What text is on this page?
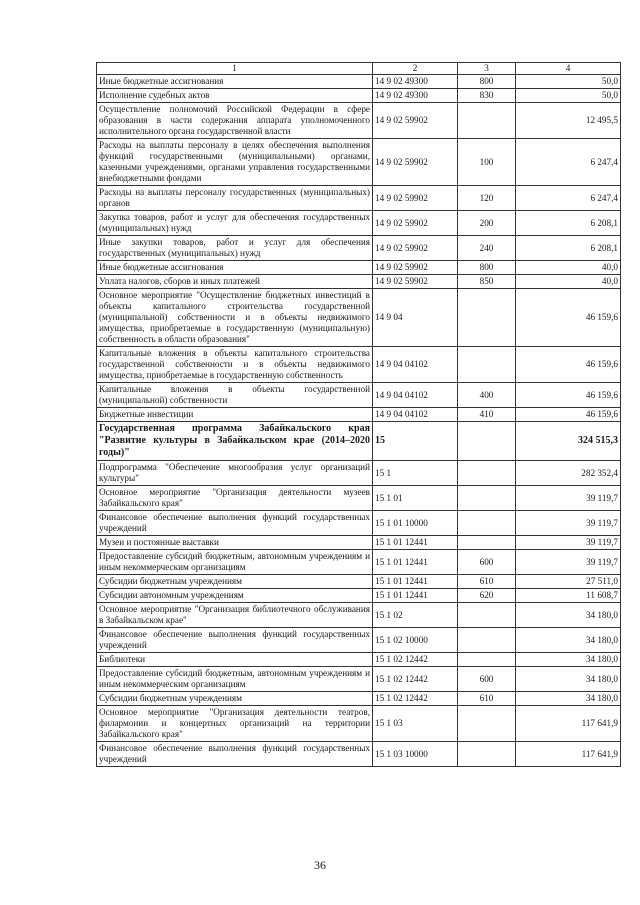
1	2	3	4
Иные бюджетные ассигнования	14 9 02 49300	800	50,0
Исполнение судебных актов	14 9 02 49300	830	50,0
Осуществление полномочий Российской Федерации в сфере образования в части содержания аппарата уполномоченного исполнительного органа государственной власти	14 9 02 59902		12 495,5
Расходы на выплаты персоналу в целях обеспечения выполнения функций государственными (муниципальными) органами, казенными учреждениями, органами управления государственными внебюджетными фондами	14 9 02 59902	100	6 247,4
Расходы на выплаты персоналу государственных (муниципальных) органов	14 9 02 59902	120	6 247,4
Закупка товаров, работ и услуг для обеспечения государственных (муниципальных) нужд	14 9 02 59902	200	6 208,1
Иные закупки товаров, работ и услуг для обеспечения государственных (муниципальных) нужд	14 9 02 59902	240	6 208,1
Иные бюджетные ассигнования	14 9 02 59902	800	40,0
Уплата налогов, сборов и иных платежей	14 9 02 59902	850	40,0
Основное мероприятие "Осуществление бюджетных инвестиций в объекты капитального строительства государственной (муниципальной) собственности и в объекты недвижимого имущества, приобретаемые в государственную (муниципальную) собственность в области образования"	14 9 04		46 159,6
Капитальные вложения в объекты капитального строительства государственной собственности и в объекты недвижимого имущества, приобретаемые в государственную собственность	14 9 04 04102		46 159,6
Капитальные вложения в объекты государственной (муниципальной) собственности	14 9 04 04102	400	46 159,6
Бюджетные инвестиции	14 9 04 04102	410	46 159,6
Государственная программа Забайкальского края "Развитие культуры в Забайкальском крае (2014–2020 годы)"	15		324 515,3
Подпрограмма "Обеспечение многообразия услуг организаций культуры"	15 1		282 352,4
Основное мероприятие "Организация деятельности музеев Забайкальского края"	15 1 01		39 119,7
Финансовое обеспечение выполнения функций государственных учреждений	15 1 01 10000		39 119,7
Музеи и постоянные выставки	15 1 01 12441		39 119,7
Предоставление субсидий бюджетным, автономным учреждениям и иным некоммерческим организациям	15 1 01 12441	600	39 119,7
Субсидии бюджетным учреждениям	15 1 01 12441	610	27 511,0
Субсидии автономным учреждениям	15 1 01 12441	620	11 608,7
Основное мероприятие "Организация библиотечного обслуживания в Забайкальском крае"	15 1 02		34 180,0
Финансовое обеспечение выполнения функций государственных учреждений	15 1 02 10000		34 180,0
Библиотеки	15 1 02 12442		34 180,0
Предоставление субсидий бюджетным, автономным учреждениям и иным некоммерческим организациям	15 1 02 12442	600	34 180,0
Субсидии бюджетным учреждениям	15 1 02 12442	610	34 180,0
Основное мероприятие "Организация деятельности театров, филармонии и концертных организаций на территории Забайкальского края"	15 1 03		117 641,9
Финансовое обеспечение выполнения функций государственных учреждений	15 1 03 10000		117 641,9
36
